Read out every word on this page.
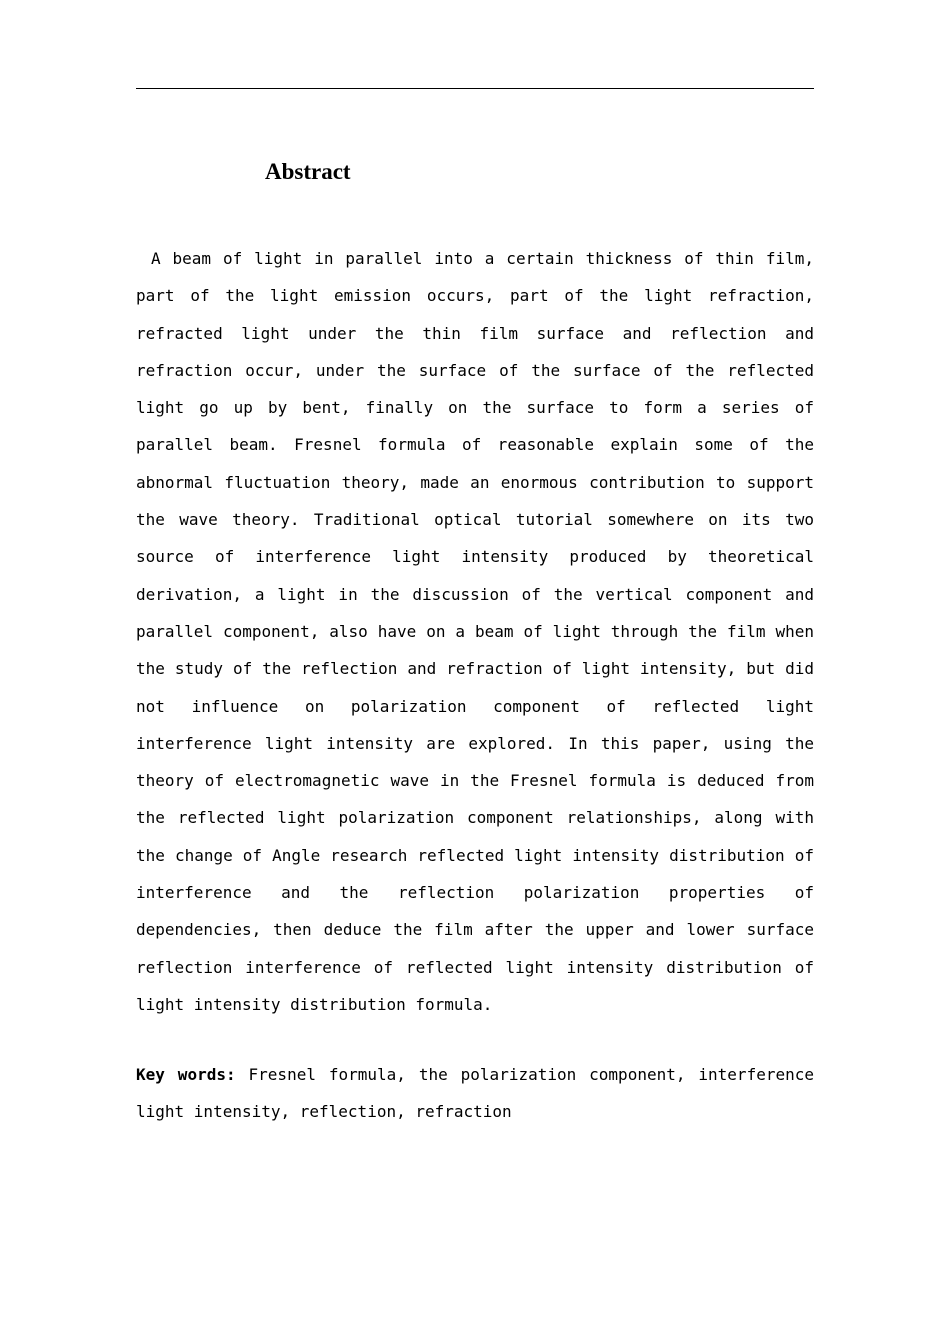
Abstract

A beam of light in parallel into a certain thickness of thin film, part of the light emission occurs, part of the light refraction, refracted light under the thin film surface and reflection and refraction occur, under the surface of the surface of the reflected light go up by bent, finally on the surface to form a series of parallel beam. Fresnel formula of reasonable explain some of the abnormal fluctuation theory, made an enormous contribution to support the wave theory. Traditional optical tutorial somewhere on its two source of interference light intensity produced by theoretical derivation, a light in the discussion of the vertical component and parallel component, also have on a beam of light through the film when the study of the reflection and refraction of light intensity, but did not influence on polarization component of reflected light interference light intensity are explored. In this paper, using the theory of electromagnetic wave in the Fresnel formula is deduced from the reflected light polarization component relationships, along with the change of Angle research reflected light intensity distribution of interference and the reflection polarization properties of dependencies, then deduce the film after the upper and lower surface reflection interference of reflected light intensity distribution of light intensity distribution formula.

Key words: Fresnel formula, the polarization component, interference light intensity, reflection, refraction
